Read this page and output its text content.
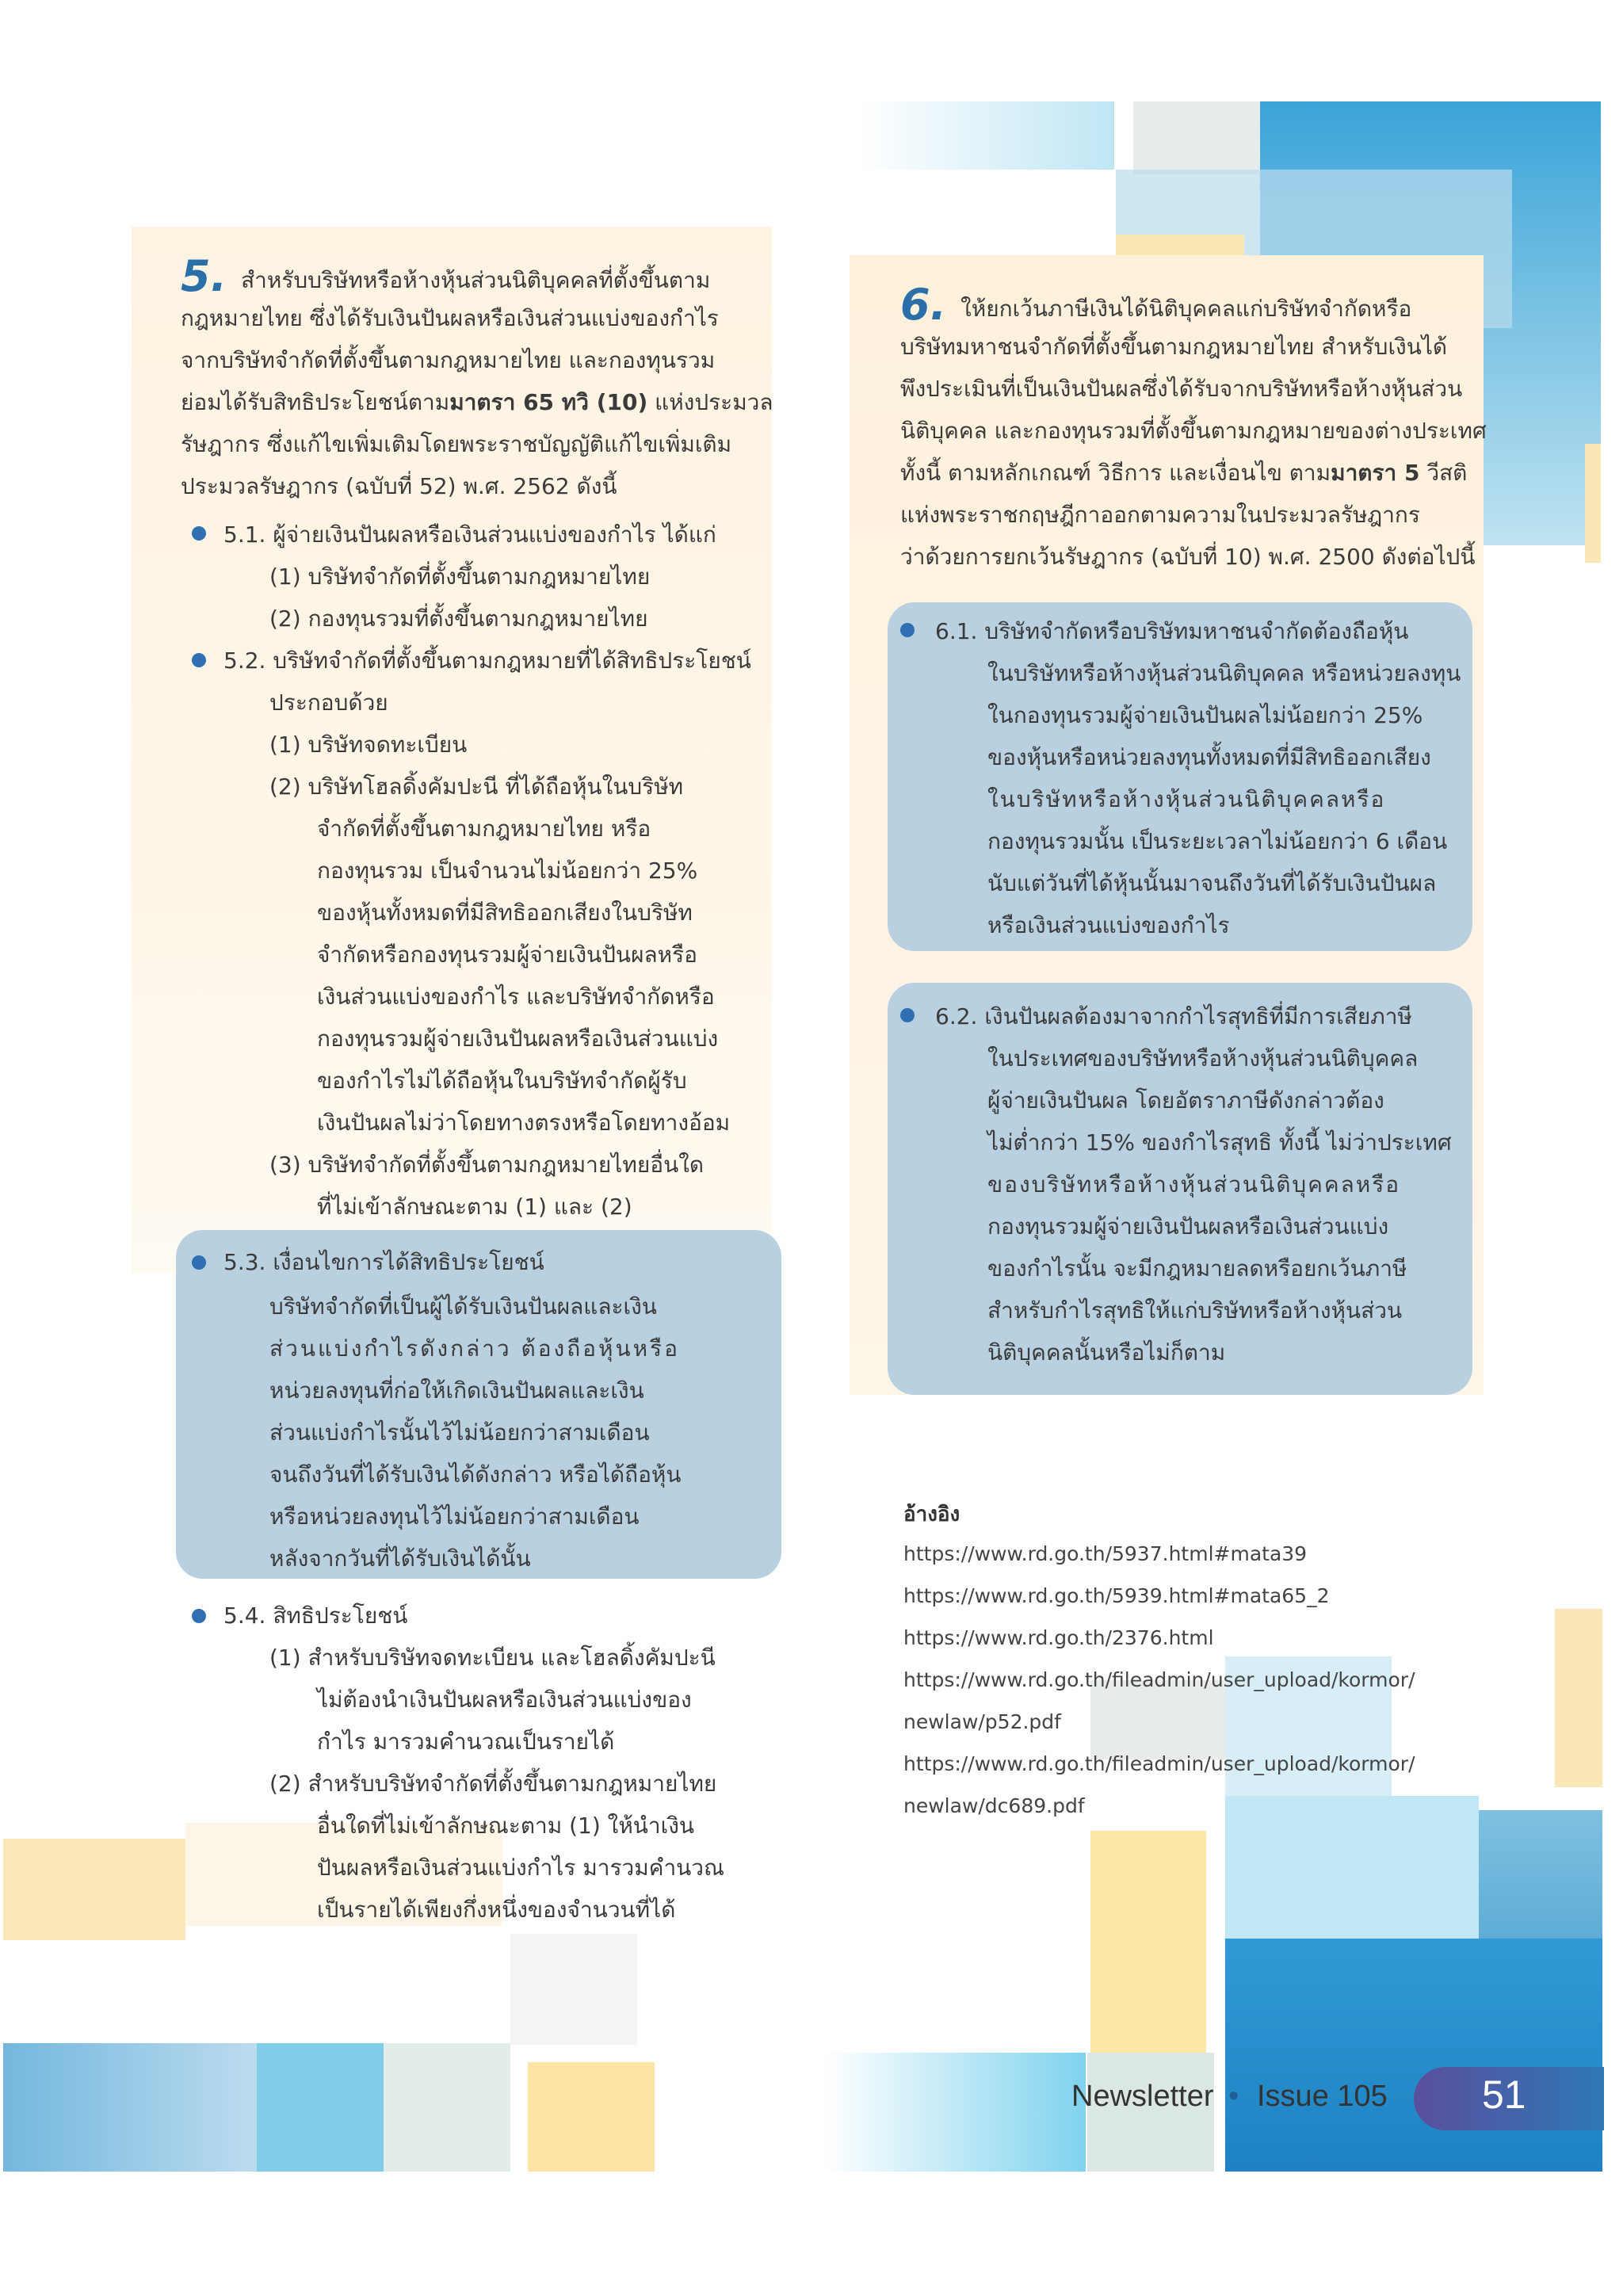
5. สำหรับบริษัทหรือห้างหุ้นส่วนนิติบุคคลที่ตั้งขึ้นตาม

กฎหมายไทย ซึ่งได้รับเงินปันผลหรือเงินส่วนแบ่งของกำไร

จากบริษัทจำกัดที่ตั้งขึ้นตามกฎหมายไทย และกองทุนรวม

ย่อมได้รับสิทธิประโยชน์ตามมาตรา 65 ทวิ (10) แห่งประมวล

รัษฎากร ซึ่งแก้ไขเพิ่มเติมโดยพระราชบัญญัติแก้ไขเพิ่มเติม

ประมวลรัษฎากร (ฉบับที่ 52) พ.ศ. 2562 ดังนี้

5.1. ผู้จ่ายเงินปันผลหรือเงินส่วนแบ่งของกำไร ได้แก่

(1) บริษัทจำกัดที่ตั้งขึ้นตามกฎหมายไทย

(2) กองทุนรวมที่ตั้งขึ้นตามกฎหมายไทย

5.2. บริษัทจำกัดที่ตั้งขึ้นตามกฎหมายที่ได้สิทธิประโยชน์

ประกอบด้วย

(1) บริษัทจดทะเบียน

(2) บริษัทโฮลดิ้งคัมปะนี ที่ได้ถือหุ้นในบริษัท

จำกัดที่ตั้งขึ้นตามกฎหมายไทย หรือ

กองทุนรวม เป็นจำนวนไม่น้อยกว่า 25%

ของหุ้นทั้งหมดที่มีสิทธิออกเสียงในบริษัท

จำกัดหรือกองทุนรวมผู้จ่ายเงินปันผลหรือ

เงินส่วนแบ่งของกำไร และบริษัทจำกัดหรือ

กองทุนรวมผู้จ่ายเงินปันผลหรือเงินส่วนแบ่ง

ของกำไรไม่ได้ถือหุ้นในบริษัทจำกัดผู้รับ

เงินปันผลไม่ว่าโดยทางตรงหรือโดยทางอ้อม

(3) บริษัทจำกัดที่ตั้งขึ้นตามกฎหมายไทยอื่นใด

ที่ไม่เข้าลักษณะตาม (1) และ (2)

5.3. เงื่อนไขการได้สิทธิประโยชน์

บริษัทจำกัดที่เป็นผู้ได้รับเงินปันผลและเงิน

ส่วนแบ่งกำไรดังกล่าว ต้องถือหุ้นหรือ

หน่วยลงทุนที่ก่อให้เกิดเงินปันผลและเงิน

ส่วนแบ่งกำไรนั้นไว้ไม่น้อยกว่าสามเดือน

จนถึงวันที่ได้รับเงินได้ดังกล่าว หรือได้ถือหุ้น

หรือหน่วยลงทุนไว้ไม่น้อยกว่าสามเดือน

หลังจากวันที่ได้รับเงินได้นั้น

5.4. สิทธิประโยชน์

(1) สำหรับบริษัทจดทะเบียน และโฮลดิ้งคัมปะนี

ไม่ต้องนำเงินปันผลหรือเงินส่วนแบ่งของ

กำไร มารวมคำนวณเป็นรายได้

(2) สำหรับบริษัทจำกัดที่ตั้งขึ้นตามกฎหมายไทย

อื่นใดที่ไม่เข้าลักษณะตาม (1) ให้นำเงิน

ปันผลหรือเงินส่วนแบ่งกำไร มารวมคำนวณ

เป็นรายได้เพียงกึ่งหนึ่งของจำนวนที่ได้

6. ให้ยกเว้นภาษีเงินได้นิติบุคคลแก่บริษัทจำกัดหรือ

บริษัทมหาชนจำกัดที่ตั้งขึ้นตามกฎหมายไทย สำหรับเงินได้

พึงประเมินที่เป็นเงินปันผลซึ่งได้รับจากบริษัทหรือห้างหุ้นส่วน

นิติบุคคล และกองทุนรวมที่ตั้งขึ้นตามกฎหมายของต่างประเทศ

ทั้งนี้ ตามหลักเกณฑ์ วิธีการ และเงื่อนไข ตามมาตรา 5 วีสติ

แห่งพระราชกฤษฎีกาออกตามความในประมวลรัษฎากร

ว่าด้วยการยกเว้นรัษฎากร (ฉบับที่ 10) พ.ศ. 2500 ดังต่อไปนี้

6.1. บริษัทจำกัดหรือบริษัทมหาชนจำกัดต้องถือหุ้น

ในบริษัทหรือห้างหุ้นส่วนนิติบุคคล หรือหน่วยลงทุน

ในกองทุนรวมผู้จ่ายเงินปันผลไม่น้อยกว่า 25%

ของหุ้นหรือหน่วยลงทุนทั้งหมดที่มีสิทธิออกเสียง

ในบริษัทหรือห้างหุ้นส่วนนิติบุคคลหรือ

กองทุนรวมนั้น เป็นระยะเวลาไม่น้อยกว่า 6 เดือน

นับแต่วันที่ได้หุ้นนั้นมาจนถึงวันที่ได้รับเงินปันผล

หรือเงินส่วนแบ่งของกำไร

6.2. เงินปันผลต้องมาจากกำไรสุทธิที่มีการเสียภาษี

ในประเทศของบริษัทหรือห้างหุ้นส่วนนิติบุคคล

ผู้จ่ายเงินปันผล โดยอัตราภาษีดังกล่าวต้อง

ไม่ต่ำกว่า 15% ของกำไรสุทธิ ทั้งนี้ ไม่ว่าประเทศ

ของบริษัทหรือห้างหุ้นส่วนนิติบุคคลหรือ

กองทุนรวมผู้จ่ายเงินปันผลหรือเงินส่วนแบ่ง

ของกำไรนั้น จะมีกฎหมายลดหรือยกเว้นภาษี

สำหรับกำไรสุทธิให้แก่บริษัทหรือห้างหุ้นส่วน

นิติบุคคลนั้นหรือไม่ก็ตาม

อ้างอิง
https://www.rd.go.th/5937.html#mata39
https://www.rd.go.th/5939.html#mata65_2
https://www.rd.go.th/2376.html
https://www.rd.go.th/fileadmin/user_upload/kormor/
newlaw/p52.pdf
https://www.rd.go.th/fileadmin/user_upload/kormor/
newlaw/dc689.pdf
Newsletter • Issue 105 51
